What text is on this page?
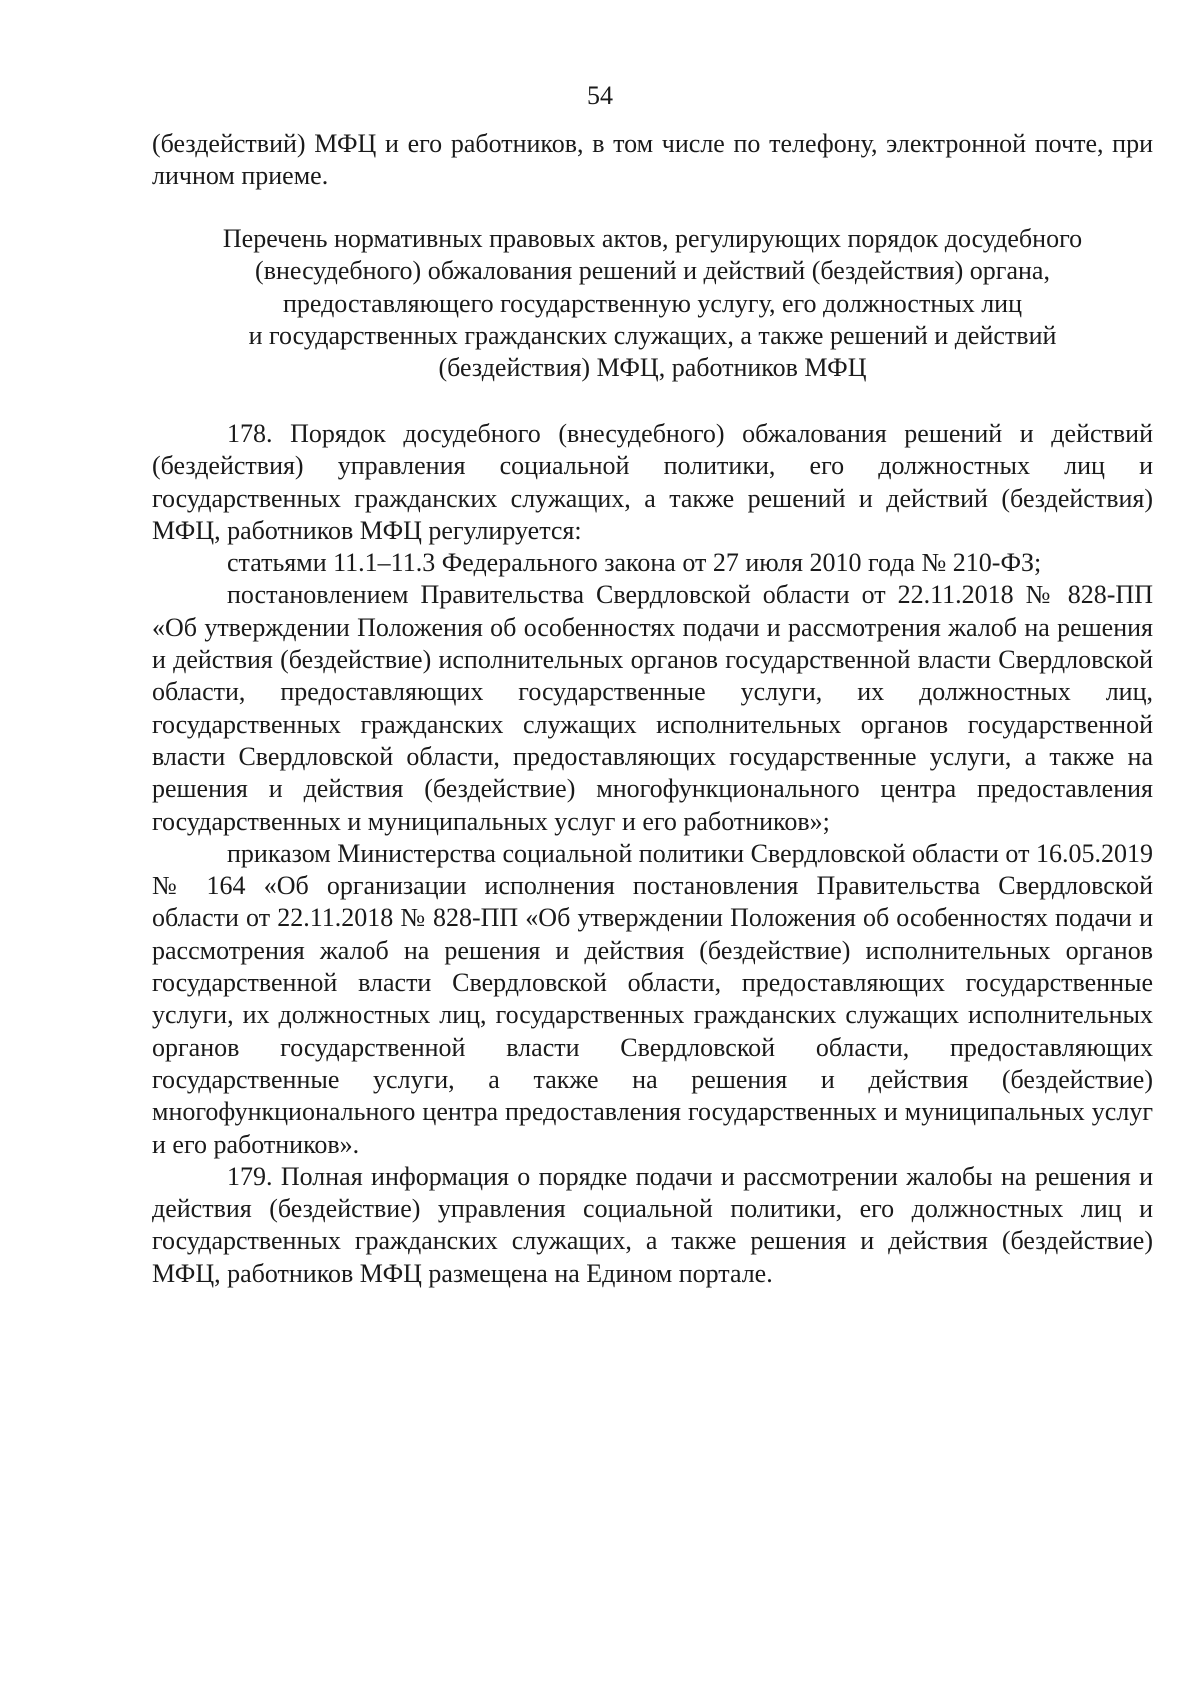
54
(бездействий) МФЦ и его работников, в том числе по телефону, электронной почте, при личном приеме.
Перечень нормативных правовых актов, регулирующих порядок досудебного
(внесудебного) обжалования решений и действий (бездействия) органа,
предоставляющего государственную услугу, его должностных лиц
и государственных гражданских служащих, а также решений и действий
(бездействия) МФЦ, работников МФЦ

178. Порядок досудебного (внесудебного) обжалования решений и действий (бездействия) управления социальной политики, его должностных лиц и государственных гражданских служащих, а также решений и действий (бездействия) МФЦ, работников МФЦ регулируется:

статьями 11.1–11.3 Федерального закона от 27 июля 2010 года № 210-ФЗ;

постановлением Правительства Свердловской области от 22.11.2018 № 828-ПП «Об утверждении Положения об особенностях подачи и рассмотрения жалоб на решения и действия (бездействие) исполнительных органов государственной власти Свердловской области, предоставляющих государственные услуги, их должностных лиц, государственных гражданских служащих исполнительных органов государственной власти Свердловской области, предоставляющих государственные услуги, а также на решения и действия (бездействие) многофункционального центра предоставления государственных и муниципальных услуг и его работников»;

приказом Министерства социальной политики Свердловской области от 16.05.2019 № 164 «Об организации исполнения постановления Правительства Свердловской области от 22.11.2018 № 828-ПП «Об утверждении Положения об особенностях подачи и рассмотрения жалоб на решения и действия (бездействие) исполнительных органов государственной власти Свердловской области, предоставляющих государственные услуги, их должностных лиц, государственных гражданских служащих исполнительных органов государственной власти Свердловской области, предоставляющих государственные услуги, а также на решения и действия (бездействие) многофункционального центра предоставления государственных и муниципальных услуг и его работников».

179. Полная информация о порядке подачи и рассмотрении жалобы на решения и действия (бездействие) управления социальной политики, его должностных лиц и государственных гражданских служащих, а также решения и действия (бездействие) МФЦ, работников МФЦ размещена на Едином портале.
